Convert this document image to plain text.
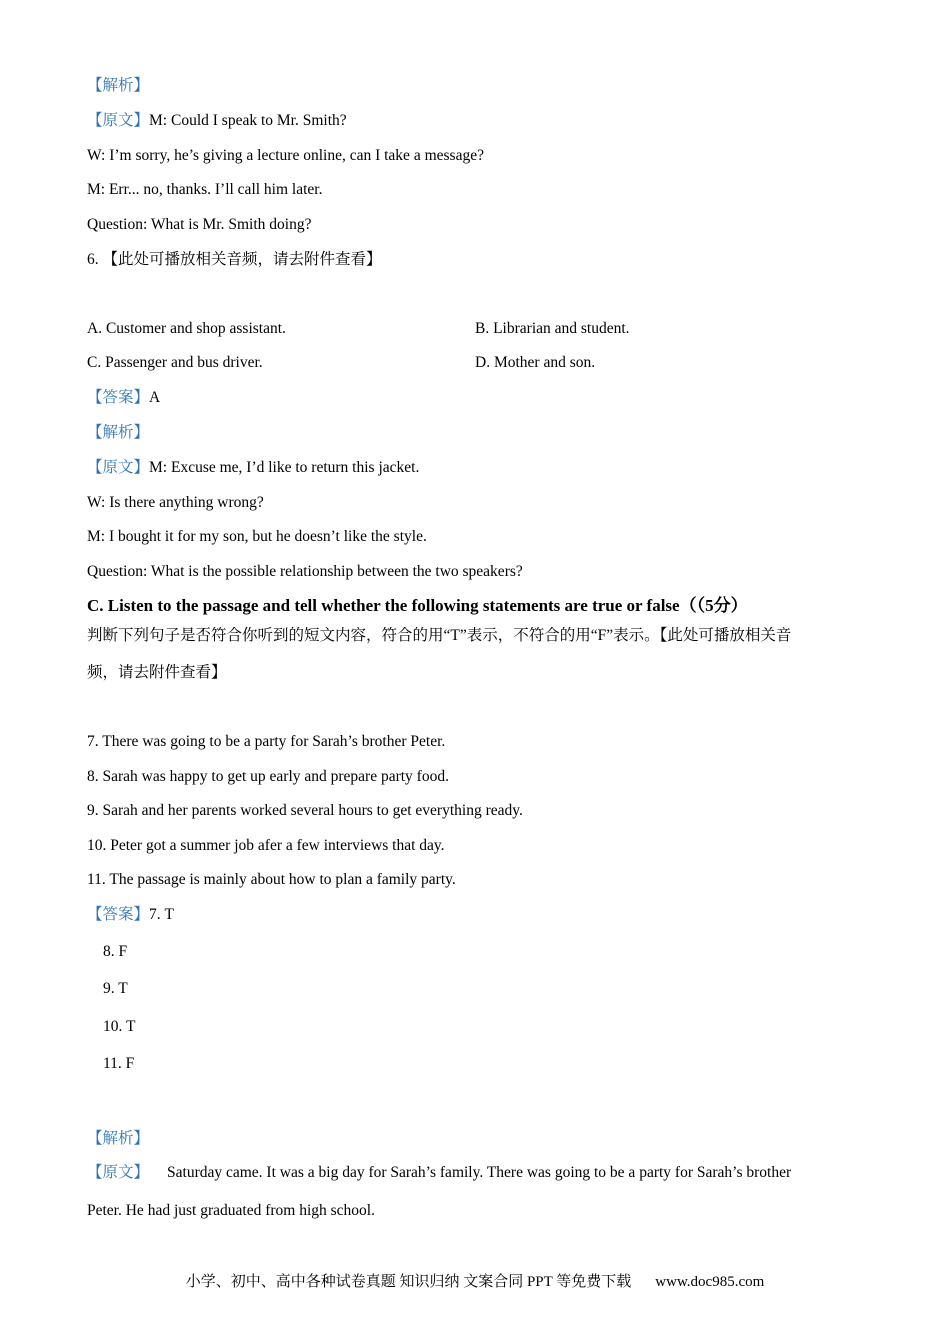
【解析】
【原文】M: Could I speak to Mr. Smith?
W: I’m sorry, he’s giving a lecture online, can I take a message?
M: Err... no, thanks. I’ll call him later.
Question: What is Mr. Smith doing?
6. 【此处可播放相关音频，请去附件查看】
A. Customer and shop assistant.	B. Librarian and student.
C. Passenger and bus driver.	D. Mother and son.
【答案】A
【解析】
【原文】M: Excuse me, I’d like to return this jacket.
W: Is there anything wrong?
M: I bought it for my son, but he doesn’t like the style.
Question: What is the possible relationship between the two speakers?
C. Listen to the passage and tell whether the following statements are true or false（（5分）
判断下列句子是否符合你听到的短文内容，符合的用“T”表示，不符合的用“F”表示。【此处可播放相关音
频，请去附件查看】
7. There was going to be a party for Sarah’s brother Peter.
8. Sarah was happy to get up early and prepare party food.
9. Sarah and her parents worked several hours to get everything ready.
10. Peter got a summer job afer a few interviews that day.
11. The passage is mainly about how to plan a family party.
【答案】7. T
8. F
9. T
10. T
11. F
【解析】
【原文】 Saturday came. It was a big day for Sarah’s family. There was going to be a party for Sarah’s brother
Peter. He had just graduated from high school.
小学、初中、高中各种试卷真题 知识归纳 文案合同 PPT 等免费下载 www.doc985.com
